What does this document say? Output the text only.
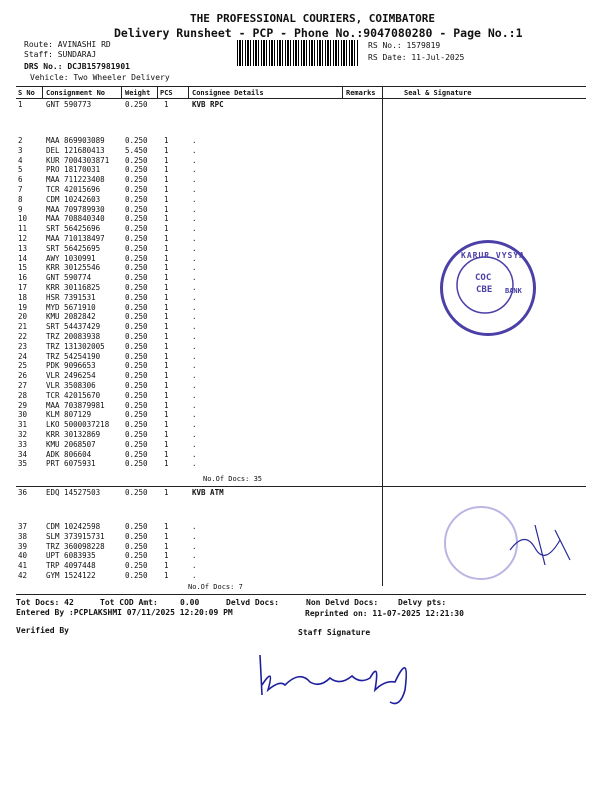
THE PROFESSIONAL COURIERS, COIMBATORE
Delivery Runsheet - PCP - Phone No.:9047080280 - Page No.:1
Route: AVINASHI RD
Staff: SUNDARAJ
DRS No.: DCJB157981901
Vehicle: Two Wheeler Delivery
RS No.: 1579819
RS Date: 11-Jul-2025
S No Consignment No	Weight PCS	Consignee Details	Remarks	Seal & Signature
1	GNT 590773	0.250 1	KVB RPC
2	MAA 869903089	0.250 1	.
3	DEL 121680413	5.450 1	.
4	KUR 7004303871 0.250 1	.
5	PRO 18170031	0.250 1	.
6	MAA 711223408	0.250 1	.
7	TCR 42015696	0.250 1	.
8	CDM 10242603	0.250 1	.
9	MAA 709789930	0.250 1	.
10	MAA 708840340	0.250 1	.
11	SRT 56425696	0.250 1	.
12	MAA 710138497	0.250 1	.
13	SRT 56425695	0.250 1	.
14	AWY 1030991	0.250 1	.
15	KRR 30125546	0.250 1	.
16	GNT 590774	0.250 1	.
17	KRR 30116825	0.250 1	.
18	HSR 7391531	0.250 1	.
19	MYD 5671910	0.250 1	.
20	KMU 2082842	0.250 1	.
21	SRT 54437429	0.250 1	.
22	TRZ 20083938	0.250 1	.
23	TRZ 131302005	0.250 1	.
24	TRZ 54254190	0.250 1	.
25	PDK 9096653	0.250 1	.
26	VLR 2496254	0.250 1	.
27	VLR 3508306	0.250 1	.
28	TCR 42015670	0.250 1	.
29	MAA 703879981	0.250 1	.
30	KLM 807129	0.250 1	.
31	LKO 5000037218 0.250 1	.
32	KRR 30132869	0.250 1	.
33	KMU 2068507	0.250 1	.
34	ADK 806604	0.250 1	.
35	PRT 6075931	0.250 1	.
No.Of Docs: 35
36	EDQ 14527503	0.250 1	KVB ATM
37	CDM 10242598	0.250 1	.
38	SLM 373915731	0.250 1	.
39	TRZ 360098228	0.250 1	.
40	UPT 6083935	0.250 1	.
41	TRP 4097448	0.250 1	.
42	GYM 1524122	0.250 1	.
No.Of Docs: 7
KARUR VYSYA
BANK
COC
CBE
Tot Docs: 42	Tot COD Amt:	0.00	Delvd Docs:	Non Delvd Docs: Delvy pts:
Entered By :PCPLAKSHMI 07/11/2025 12:20:09 PM	Reprinted on: 11-07-2025 12:21:30
Verified By	Staff Signature
